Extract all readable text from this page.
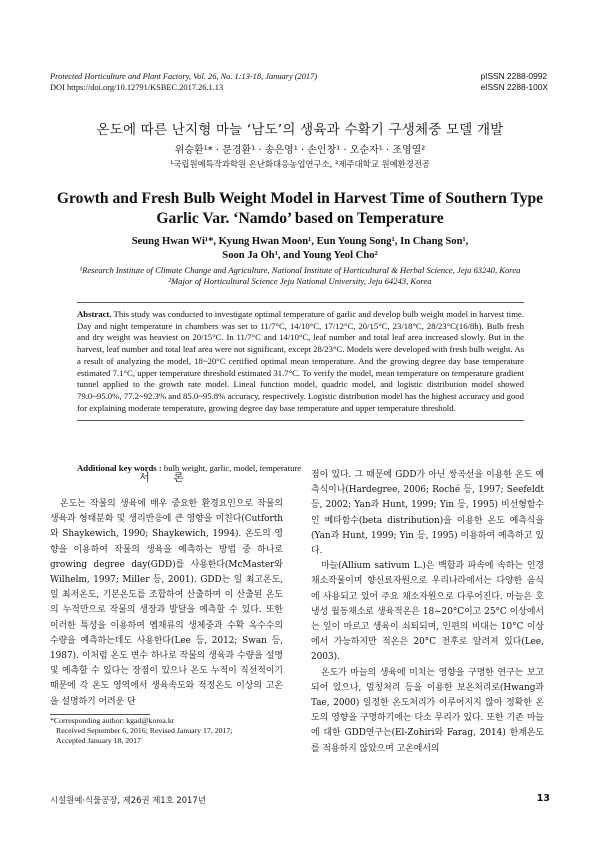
Protected Horticulture and Plant Factory, Vol. 26, No. 1:13-18, January (2017)
DOI https://doi.org/10.12791/KSBEC.2017.26.1.13
pISSN 2288-0992
eISSN 2288-100X
온도에 따른 난지형 마늘 ‘남도’의 생육과 수확기 구생체중 모델 개발
위승환¹* · 문경환¹ · 송은영¹ · 손인창¹ · 오순자¹ · 조영열²
¹국립원예특작과학원 온난화대응농업연구소, ²제주대학교 원예환경전공
Growth and Fresh Bulb Weight Model in Harvest Time of Southern Type
Garlic Var. ‘Namdo’ based on Temperature
Seung Hwan Wi¹*, Kyung Hwan Moon¹, Eun Young Song¹, In Chang Son¹,
Soon Ja Oh¹, and Young Yeol Cho²
¹Research Institute of Climate Change and Agriculture, National Institute of Horticultural & Herbal Science, Jeju 63240, Korea
²Major of Horticultural Science Jeju National University, Jeju 64243, Korea
Abstract. This study was conducted to investigate optimal temperature of garlic and develop bulb weight model in harvest time. Day and night temperature in chambers was set to 11/7°C, 14/10°C, 17/12°C, 20/15°C, 23/18°C, 28/23°C(16/8h). Bulb fresh and dry weight was heaviest on 20/15°C. In 11/7°C and 14/10°C, leaf number and total leaf area increased slowly. But in the harvest, leaf number and total leaf area were not significant, except 28/23°C. Models were developed with fresh bulb weight. As a result of analyzing the model, 18~20°C certified optimal mean temperature. And the growing degree day base temperature estimated 7.1°C, upper temperature threshold estimated 31.7°C. To verify the model, mean temperature on temperature gradient tunnel applied to the growth rate model. Lineal function model, quadric model, and logistic distribution model showed 79.0~95.0%, 77.2~92.3% and 85.0~95.8% accuracy, respectively. Logistic distribution model has the highest accuracy and good for explaining moderate temperature, growing degree day base temperature and upper temperature threshold.
Additional key words : bulb weight, garlic, model, temperature
서 론

온도는 작물의 생육에 매우 중요한 환경요인으로 작물의 생육과 형태분화 및 생리반응에 큰 영향을 미친다(Cutforth와 Shaykewich, 1990; Shaykewich, 1994). 온도의 영향을 이용하여 작물의 생육을 예측하는 방법 중 하나로 growing degree day(GDD)를 사용한다(McMaster와 Wilhelm, 1997; Miller 등, 2001). GDD는 일 최고온도, 일 최저온도, 기본온도를 조합하여 산출하며 이 산출된 온도의 누적만으로 작물의 생장과 발달을 예측할 수 있다. 또한 이러한 특성을 이용하여 옙채류의 생체중과 수확 옥수수의 수량을 예측하는데도 사용한다(Lee 등, 2012; Swan 등, 1987). 이처럼 온도 변수 하나로 작물의 생육과 수량을 설명 및 예측할 수 있다는 장점이 있으나 온도 누적이 직선적이기 때문에 각 온도 영역에서 생육속도와 적정온도 이상의 고온을 설명하기 어려운 단

점이 있다. 그 때문에 GDD가 아닌 쌍곡선을 이용한 온도 예측식이나(Hardegree, 2006; Roché 등, 1997; Seefeldt 등, 2002; Yan과 Hunt, 1999; Yin 등, 1995) 비선형함수인 베타함수(beta distribution)을 이용한 온도 예측식을(Yan과 Hunt, 1999; Yin 등, 1995) 이용하여 예측하고 있다.

마늘(Allium sativum L.)은 백합과 파속에 속하는 인경채소작물이며 향신료자원으로 우리나라에서는 다양한 음식에 사용되고 있어 주요 채소자원으로 다루어진다. 마늘은 호냉성 월동채소로 생육적온은 18~20°C이고 25°C 이상에서는 잎이 마르고 생육이 쇠퇴되며, 인편의 비대는 10°C 이상에서 가능하지만 적온은 20°C 전후로 알려져 있다(Lee, 2003).

온도가 마늘의 생육에 미치는 영향을 구명한 연구는 보고되어 있으나, 멀칭처리 등을 이용한 보온처리로(Hwang과 Tae, 2000) 일정한 온도처리가 이루어지지 않아 정확한 온도의 영향을 구명하기에는 다소 무리가 있다. 또한 기존 마늘에 대한 GDD연구는(El-Zohiri와 Farag, 2014) 한계온도를 적용하지 않았으며 고온에서의

*Corresponding author: kgad@korea.kr
Received September 6, 2016; Revised January 17, 2017;
Accepted January 18, 2017
시설원예·식물공장, 제26권 제1호 2017년	13
